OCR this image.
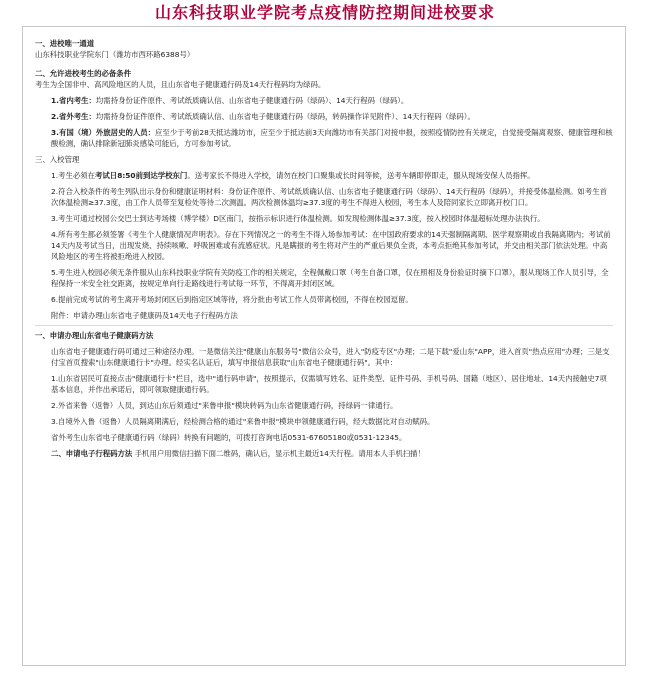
山东科技职业学院考点疫情防控期间进校要求
一、进校唯一通道
山东科技职业学院东门（潍坊市西环路6388号）
二、允许进校考生的必备条件
考生为全国非中、高风险地区的人员，且山东省电子健康通行码及14天行程码均为绿码。
1.省内考生：均需持身份证件原件、考试纸质确认信、山东省电子健康通行码（绿码）、14天行程码（绿码）。
2.省外考生：均需持身份证件原件、考试纸质确认信、山东省电子健康通行码（绿码，转码操作详见附件）、14天行程码（绿码）。
3.有国（境）外旅居史的人员：应至少于考前28天抵达潍坊市，应至少于抵达前3天向潍坊市有关部门对接申报，按照疫情防控有关规定，自觉接受隔离观察、健康管理和核酸检测，确认排除新冠肺炎感染可能后，方可参加考试。
三、入校管理
1.考生必须在考试日8:50前到达学校东门。送考家长不得进入学校，请勿在校门口聚集或长时间等候，送考车辆即停即走，服从现场安保人员指挥。
2.符合入校条件的考生列队出示身份和健康证明材料：身份证件原件、考试纸质确认信、山东省电子健康通行码（绿码）、14天行程码（绿码），并接受体温检测。如考生首次体温检测≥37.3度，由工作人员带至复检处等待二次测温。两次检测体温均≥37.3度的考生不得进入校园，考生本人及陪同家长立即离开校门口。
3.考生可通过校园公交巴士到达考场楼（博学楼）D区南门，按指示标识进行体温检测。如发现检测体温≥37.3度，按入校园时体温超标处理办法执行。
4.所有考生都必须签署《考生个人健康情况声明表》。存在下列情况之一的考生不得入场参加考试：在中国政府要求的14天强制隔离期、医学观察期或自我隔离期内；考试前14天内及考试当日，出现发烧、持续咳嗽、呼吸困难或有流感症状。凡是瞒报的考生将对产生的严重后果负全责，本考点拒绝其参加考试，并交由相关部门依法处理。中高风险地区的考生将被拒绝进入校园。
5.考生进入校园必须无条件服从山东科技职业学院有关防疫工作的相关规定，全程佩戴口罩（考生自备口罩，仅在照相及身份验证时摘下口罩），服从现场工作人员引导，全程保持一米安全社交距离，按规定单向行走路线进行考试每一环节，不得离开封闭区域。
6.提前完成考试的考生离开考场封闭区后到指定区域等待，将分批由考试工作人员带离校园，不得在校园逗留。
附件：申请办理山东省电子健康码及14天电子行程码方法
一、申请办理山东省电子健康码方法
山东省电子健康通行码可通过三种途径办理。一是微信关注"健康山东服务号"微信公众号，进入"防疫专区"办理；二是下载"爱山东"APP，进入首页"热点应用"办理；三是支付宝首页搜索"山东健康通行卡"办理。经实名认证后，填写申报信息获取"山东省电子健康通行码"。其中：
1.山东省居民可直接点击"健康通行卡"栏目，选中"通行码申请"，按照提示，仅需填写姓名、证件类型、证件号码、手机号码、国籍（地区）、居住地址、14天内接触史7项基本信息，并作出承诺后，即可领取健康通行码。
2.外省来鲁（返鲁）人员，到达山东后须通过"来鲁申报"模块转码为山东省健康通行码，持绿码一律通行。
3.自境外入鲁（返鲁）人员隔离期满后，经检测合格的通过"来鲁申报"模块申领健康通行码，经大数据比对自动赋码。
省外考生山东省电子健康通行码（绿码）转换有问题的，可拨打咨询电话0531-67605180或0531-12345。
二、申请电子行程码方法 手机用户用微信扫描下面二维码，确认后，显示机主最近14天行程。请用本人手机扫描！
